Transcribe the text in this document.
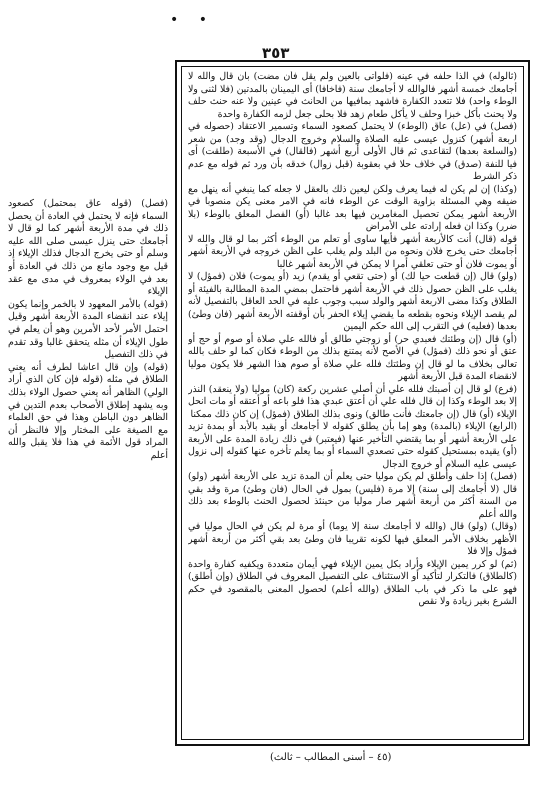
• •
٣٥٣

(فصل) (قوله عاق بمحتمل) كصعود السماء فإنه لا يحتمل في العادة أن يحصل ذلك في مدة الأربعة أشهر كما لو قال لا أجامعك حتى ينزل عيسى صلى الله عليه وسلم أو حتى يخرج الدجال فذلك الإيلاء إذ قيل مع وجود مانع من ذلك في العادة أو بعد في الولاء بمعروف في مدى مع عقد الإيلاء

(قوله) بالأمر المعهود لا بالخمر وإنما يكون إيلاء عند انقضاء المدة الأربعة أشهر وقيل احتمل الأمر لأحد الأمرين وهو أن يعلم في طول الإيلاء أن مثله يتحقق غالبا وقد تقدم في ذلك التفصيل

(قوله) وإن قال اعاشا لطرف أنه يعني الطلاق في مثله (قوله فإن كان الذي أراد الولي) الظاهر أنه يعني حصول الولاء بذلك وبه يشهد إطلاق الأصحاب بعدم التدين في الظاهر دون الباطن وهذا في حق العلماء مع الصيغة على المختار وإلا فالنظر أن المراد قول الأئمة في هذا فلا يقبل والله أعلم

(ثالوله) في الذا حلفه في عينه (فلوأتى بالعين ولم يقل فأن مضت) بان قال والله لا أجامعك خمسة أشهر فالوالله لا أجامعك سنة (فاخافا) أى اليمينان بالمدتين (فلا لثنى ولا الوطء واحد) فلا تتعدد الكفارة فاشهد بمافيها من الحانث في عينين ولا عنه حنث حلف ولا يحنث بأكل خبزا وحلف لا يأكل طعام زهد فلا بحلى جعل لزمه الكفارة واحدة

(فصل) في (عل) عاق (الوطء) لا يحتمل كصعود السماء وتسمير الاعتقاد (حصوله في اربعة أشهر) كنزول عيسى عليه الصلاة والسلام وخروج الدجال (وقد وجد) من شعر (والسلعة بعدها) لتقاعدى ثم قال الأولى أربع أشهر (فالقال) في الأسبعة (طلقت) أى فيا للنفة (صدق) في خلاف حلا في بعقوبة (قبل زوال) خدقه بأن ورد ثم فوله مع عدم ذكر الشرط

(وكذا) إن لم يكن له فيما يعرف ولكن ليعين ذلك بالعقل لا جعله كما ينبغي أنه ينهل مع ضيقه وهي المسئلة بزاوية الوقت عن الوطء فانه في الامر معنى يكن منصوبا في الأربعة أشهر يمكن تحصيل المغامرين فيها بعد غالبا (أو) الفصل المعلق بالوطء (بلا ضرر) وكذا ان فعله إرادته على الأمراض

قوله (قال) أنت كالأربعة أشهر فأيها ساوى أو تعلم من الوطء أكثر بما لو قال والله لا أجامعك حتى يخرج فلان ونحوه من البلد ولم يغلب على الظن خروجه في الأربعة أشهر أو يموت فلان أو حتى تعلقي أمرا لا يمكن في الأربعة أشهر غالبا

(ولو) قال (إن قطعت حيا لك) أو (حتى تقعي أو يقدم) زيد (أو يموت) فلان (فمؤل) لا يغلب على الظن حصول ذلك في الأربعة أشهر فاحتمل بمضي المدة المطالبة بالفيئة أو الطلاق وكذا مضى الاربعة أشهر والولد سبب وجوب عليه في الحد العاقل بالتفصيل لأنه لم يقصد الإيلاء ونحوه بقطعه ما يقضي إيلاء الحفر بأن أوقفته الأربعة أشهر (فان وطئ) بعدها (فعليه) في التقرب إلى الله حكم اليمين

(أو) قال (إن وطئتك فعبدي حر) أو زوجتي طالق أو فالله علي صلاة أو صوم أو حج أو عتق أو نحو ذلك (فمؤل) في الأصح لأنه يمتنع بذلك من الوطء فكان كما لو حلف بالله تعالى بخلاف ما لو قال إن وطئتك فلله علي صلاة أو صوم هذا الشهر فلا يكون موليا لانقضاء المدة قبل الأربعة أشهر

(فرع) لو قال إن أصبتك فلله علي أن أصلي عشرين ركعة (كان) موليا (ولا ينعقد) النذر إلا بعد الوطء وكذا إن قال فلله علي أن أعتق عبدي هذا فلو باعه أو أعتقه أو مات انحل الإيلاء (أو) قال (إن جامعتك فأنت طالق) ونوى بذلك الطلاق (فمؤل) إن كان ذلك ممكنا

(الرابع) الإيلاء (بالمدة) وهو إما بأن يطلق كقوله لا أجامعك أو يقيد بالأبد أو بمدة تزيد على الأربعة أشهر أو بما يقتضي التأخير عنها (فيعتبر) في ذلك زيادة المدة على الأربعة (أو) يقيده بمستحيل كقوله حتى تصعدي السماء أو بما يعلم تأخره عنها كقوله إلى نزول عيسى عليه السلام أو خروج الدجال

(فصل) إذا حلف وأطلق لم يكن موليا حتى يعلم أن المدة تزيد على الأربعة أشهر (ولو) قال (لا أجامعك إلى سنة) إلا مرة (فليس) بمول في الحال (فان وطئ) مرة وقد بقي من السنة أكثر من أربعة أشهر صار موليا من حينئذ لحصول الحنث بالوطء بعد ذلك والله أعلم

(وقال) (ولو) قال (والله لا أجامعك سنة إلا يوما) أو مرة لم يكن في الحال موليا في الأظهر بخلاف الأمر المعلق فيها لكونه تقريبا فان وطئ بعد بقي أكثر من أربعة أشهر فمؤل وإلا فلا

(ثم) لو كرر يمين الإيلاء وأراد بكل يمين الإيلاء فهي أيمان متعددة ويكفيه كفارة واحدة (كالطلاق) فالتكرار لتأكيد أو الاستئناف على التفصيل المعروف في الطلاق (وإن أطلق) فهو على ما ذكر في باب الطلاق (والله أعلم) لحصول المعنى بالمقصود في حكم الشرع بغير زيادة ولا نقص

(٤٥ – أسنى المطالب – ثالث)
